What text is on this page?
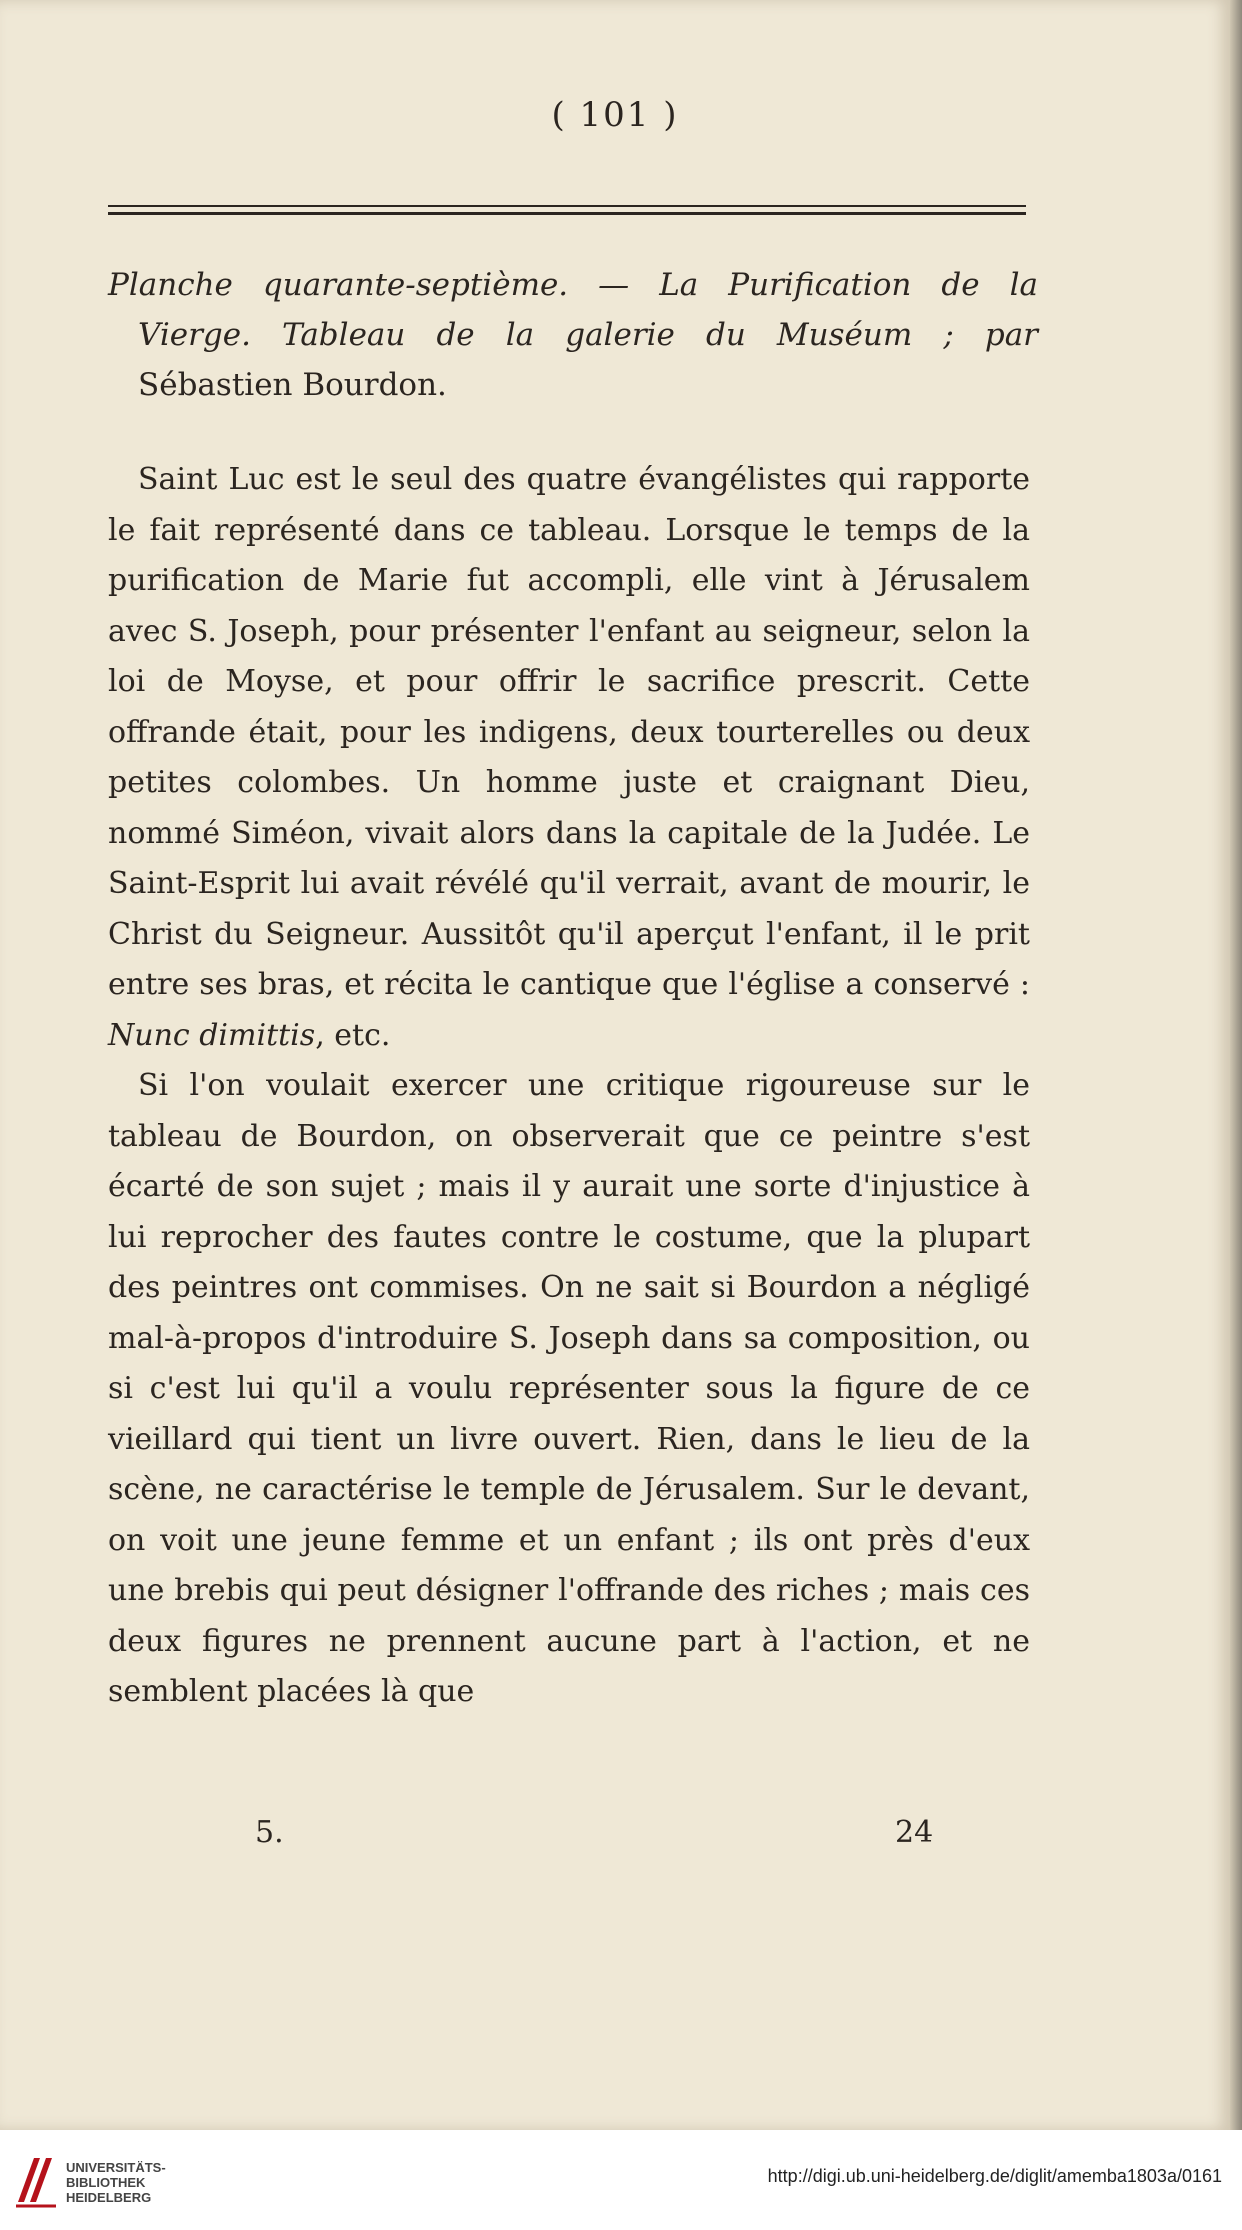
( 101 )
Planche quarante-septième. — La Purification de la
Vierge. Tableau de la galerie du Muséum ; par
Sébastien Bourdon.

Saint Luc est le seul des quatre évangélistes qui rapporte le fait représenté dans ce tableau. Lorsque le temps de la purification de Marie fut accompli, elle vint à Jérusalem avec S. Joseph, pour présenter l'enfant au seigneur, selon la loi de Moyse, et pour offrir le sacrifice prescrit. Cette offrande était, pour les indigens, deux tourterelles ou deux petites colombes. Un homme juste et craignant Dieu, nommé Siméon, vivait alors dans la capitale de la Judée. Le Saint-Esprit lui avait révélé qu'il verrait, avant de mourir, le Christ du Seigneur. Aussitôt qu'il aperçut l'enfant, il le prit entre ses bras, et récita le cantique que l'église a conservé : Nunc dimittis, etc.

Si l'on voulait exercer une critique rigoureuse sur le tableau de Bourdon, on observerait que ce peintre s'est écarté de son sujet ; mais il y aurait une sorte d'injustice à lui reprocher des fautes contre le costume, que la plupart des peintres ont commises. On ne sait si Bourdon a négligé mal-à-propos d'introduire S. Joseph dans sa composition, ou si c'est lui qu'il a voulu représenter sous la figure de ce vieillard qui tient un livre ouvert. Rien, dans le lieu de la scène, ne caractérise le temple de Jérusalem. Sur le devant, on voit une jeune femme et un enfant ; ils ont près d'eux une brebis qui peut désigner l'offrande des riches ; mais ces deux figures ne prennent aucune part à l'action, et ne semblent placées là que

5.	24
UNIVERSITÄTS-
BIBLIOTHEK
HEIDELBERG
http://digi.ub.uni-heidelberg.de/diglit/amemba1803a/0161
